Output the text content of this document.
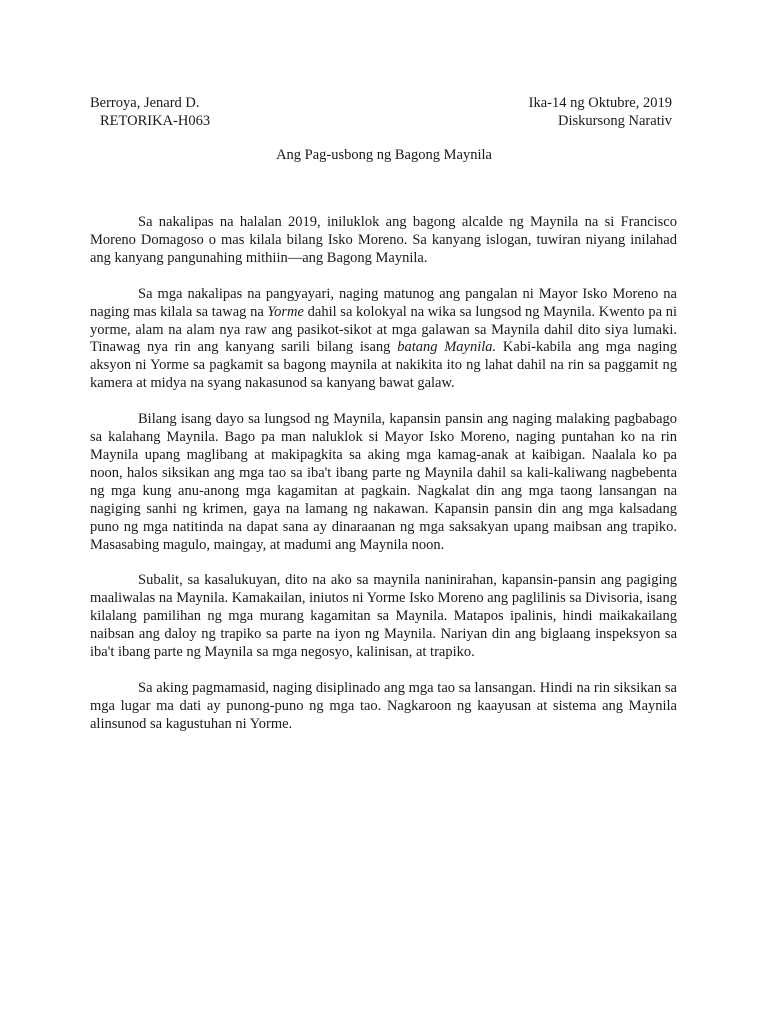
Berroya, Jenard D.
RETORIKA-H063
Ika-14 ng Oktubre, 2019
Diskursong Narativ
Ang Pag-usbong ng Bagong Maynila

Sa nakalipas na halalan 2019, iniluklok ang bagong alcalde ng Maynila na si Francisco Moreno Domagoso o mas kilala bilang Isko Moreno. Sa kanyang islogan, tuwiran niyang inilahad ang kanyang pangunahing mithiin—ang Bagong Maynila.

Sa mga nakalipas na pangyayari, naging matunog ang pangalan ni Mayor Isko Moreno na naging mas kilala sa tawag na Yorme dahil sa kolokyal na wika sa lungsod ng Maynila. Kwento pa ni yorme, alam na alam nya raw ang pasikot-sikot at mga galawan sa Maynila dahil dito siya lumaki. Tinawag nya rin ang kanyang sarili bilang isang batang Maynila. Kabi-kabila ang mga naging aksyon ni Yorme sa pagkamit sa bagong maynila at nakikita ito ng lahat dahil na rin sa paggamit ng kamera at midya na syang nakasunod sa kanyang bawat galaw.

Bilang isang dayo sa lungsod ng Maynila, kapansin pansin ang naging malaking pagbabago sa kalahang Maynila. Bago pa man naluklok si Mayor Isko Moreno, naging puntahan ko na rin Maynila upang maglibang at makipagkita sa aking mga kamag-anak at kaibigan. Naalala ko pa noon, halos siksikan ang mga tao sa iba't ibang parte ng Maynila dahil sa kali-kaliwang nagbebenta ng mga kung anu-anong mga kagamitan at pagkain. Nagkalat din ang mga taong lansangan na nagiging sanhi ng krimen, gaya na lamang ng nakawan. Kapansin pansin din ang mga kalsadang puno ng mga natitinda na dapat sana ay dinaraanan ng mga saksakyan upang maibsan ang trapiko. Masasabing magulo, maingay, at madumi ang Maynila noon.

Subalit, sa kasalukuyan, dito na ako sa maynila naninirahan, kapansin-pansin ang pagiging maaliwalas na Maynila. Kamakailan, iniutos ni Yorme Isko Moreno ang paglilinis sa Divisoria, isang kilalang pamilihan ng mga murang kagamitan sa Maynila. Matapos ipalinis, hindi maikakailang naibsan ang daloy ng trapiko sa parte na iyon ng Maynila. Nariyan din ang biglaang inspeksyon sa iba't ibang parte ng Maynila sa mga negosyo, kalinisan, at trapiko.

Sa aking pagmamasid, naging disiplinado ang mga tao sa lansangan. Hindi na rin siksikan sa mga lugar ma dati ay punong-puno ng mga tao. Nagkaroon ng kaayusan at sistema ang Maynila alinsunod sa kagustuhan ni Yorme.
